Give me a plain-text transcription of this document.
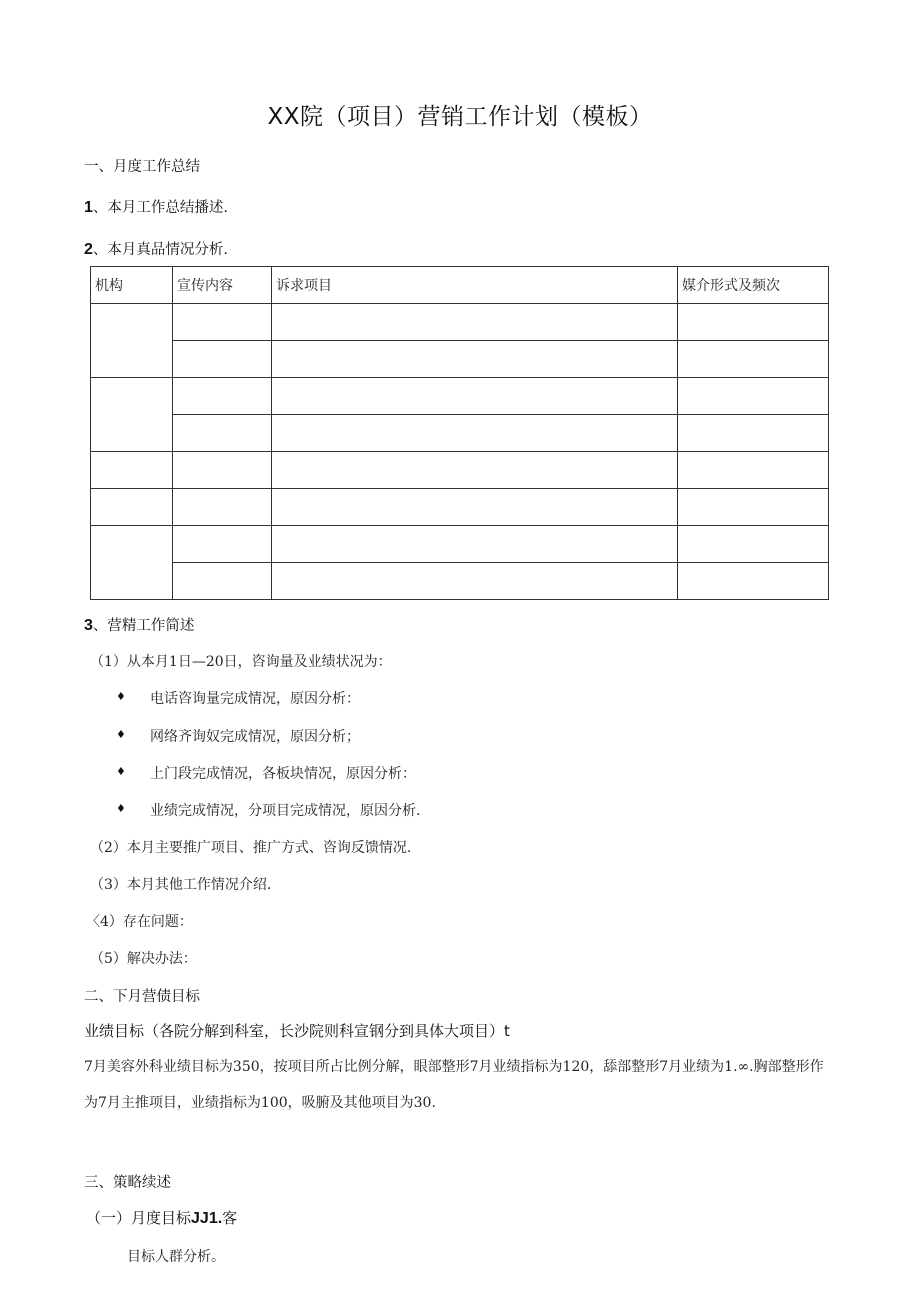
XX院（项目）营销工作计划（模板）
一、月度工作总结
1、本月工作总结播述.
2、本月真品情况分析.
机构	宣传内容	诉求项目	媒介形式及频次

3、营精工作简述
（1）从本月1日—20日，咨询量及业绩状况为：
♦ 电话咨询量完成情况，原因分析：
♦ 网络齐询奴完成情况，原因分析；
♦ 上门段完成情况，各板块情况，原因分析：
♦ 业绩完成情况，分项目完成情况，原因分析.
（2）本月主要推广项目、推广方式、咨询反馈情况.
（3）本月其他工作情况介绍.
〈4）存在问题：
（5）解决办法：
二、下月营债目标
业绩目标（各院分解到科室，长沙院则科宣钢分到具体大项目）t
7月美容外科业绩目标为350，按项目所占比例分解，眼部整形7月业绩指标为120，舔部整形7月业绩为1.∞.胸部整形作为7月主推项目，业绩指标为100，吸腑及其他项目为30.
三、策略续述
（一）月度目标JJ1.客
目标人群分析。
